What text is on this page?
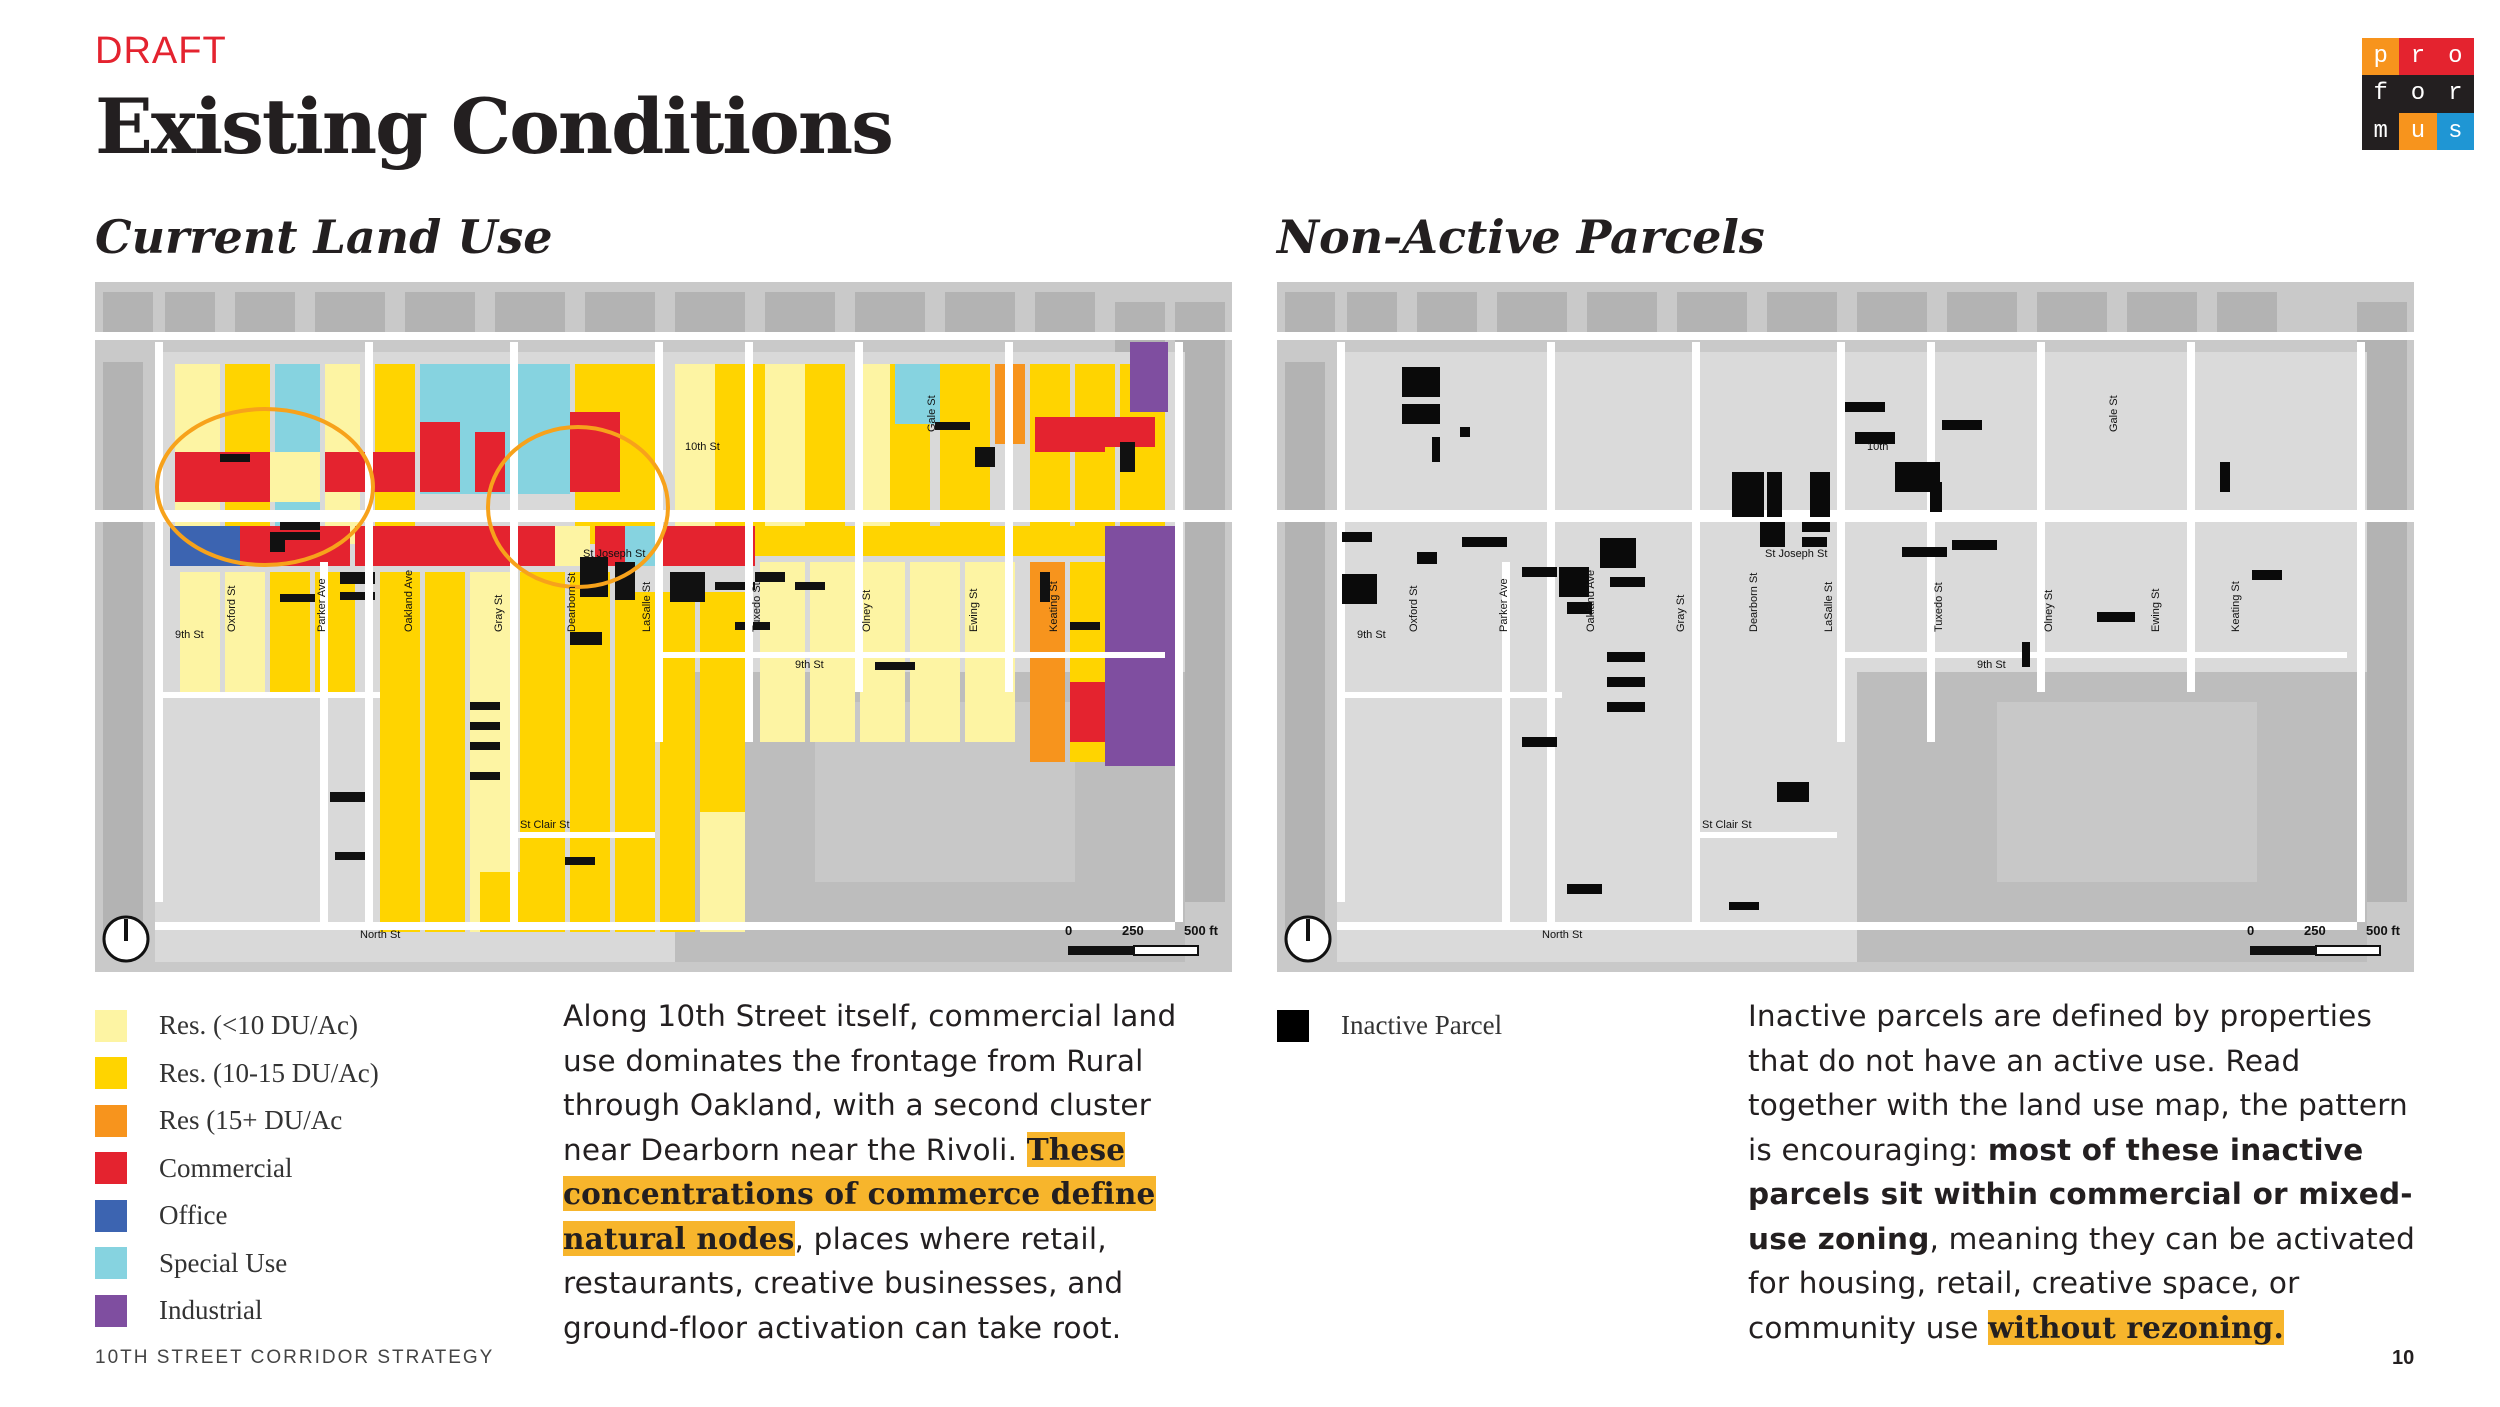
DRAFT
Existing Conditions
p r o
f o r
m u s
Current Land Use	Non-Active Parcels
10th St
St Joseph St
9th St
9th St
St Clair St
North St
Gale St
Oxford St	Parker Ave	Oakland Ave	Gray St	Dearborn St	LaSalle St	Tuxedo St	Olney St	Ewing St	Keating St
0	250	500 ft
10th
St Joseph St
9th St
9th St
St Clair St
North St
Gale St
Oxford St	Parker Ave	Oakland Ave	Gray St	Dearborn St	LaSalle St	Tuxedo St	Olney St	Ewing St	Keating St
0	250	500 ft
Res. (<10 DU/Ac)
Res. (10-15 DU/Ac)
Res (15+ DU/Ac
Commercial
Office
Special Use
Industrial
Along 10th Street itself, commercial land use dominates the frontage from Rural through Oakland, with a second cluster near Dearborn near the Rivoli. These concentrations of commerce define natural nodes, places where retail, restaurants, creative businesses, and ground-floor activation can take root.
Inactive Parcel	Inactive parcels are defined by properties that do not have an active use. Read together with the land use map, the pattern is encouraging: most of these inactive parcels sit within commercial or mixed-use zoning, meaning they can be activated for housing, retail, creative space, or community use without rezoning.
10TH STREET CORRIDOR STRATEGY	10
